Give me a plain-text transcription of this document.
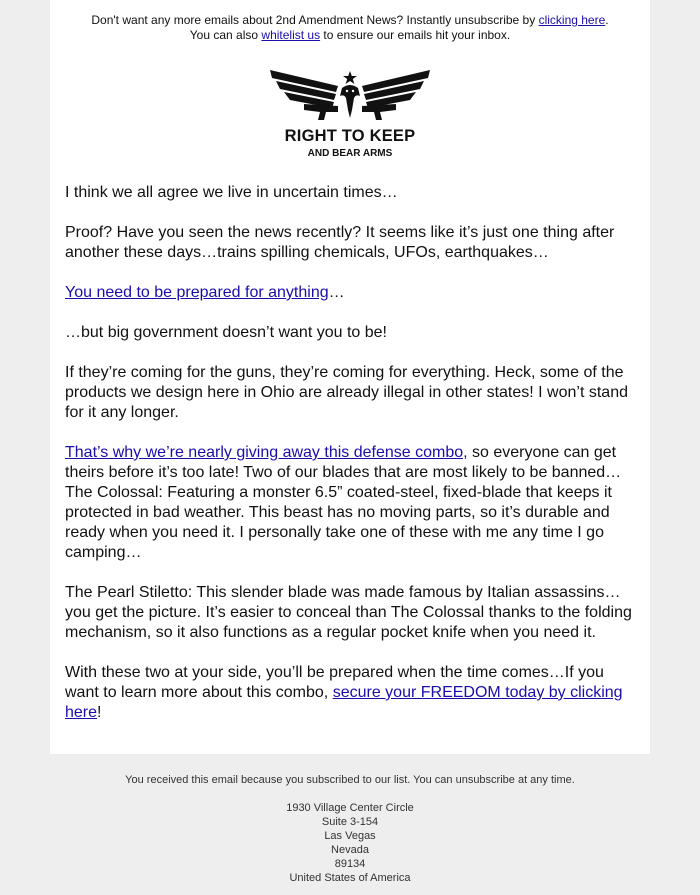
Don't want any more emails about 2nd Amendment News? Instantly unsubscribe by clicking here.
You can also whitelist us to ensure our emails hit your inbox.
RIGHT TO KEEP
AND BEAR ARMS

I think we all agree we live in uncertain times…

Proof? Have you seen the news recently? It seems like it’s just one thing after another these days…trains spilling chemicals, UFOs, earthquakes…

You need to be prepared for anything…

…but big government doesn’t want you to be!

If they’re coming for the guns, they’re coming for everything. Heck, some of the products we design here in Ohio are already illegal in other states! I won’t stand for it any longer.

That’s why we’re nearly giving away this defense combo, so everyone can get theirs before it’s too late! Two of our blades that are most likely to be banned… The Colossal: Featuring a monster 6.5” coated-steel, fixed-blade that keeps it protected in bad weather. This beast has no moving parts, so it’s durable and ready when you need it. I personally take one of these with me any time I go camping…

The Pearl Stiletto: This slender blade was made famous by Italian assassins… you get the picture. It’s easier to conceal than The Colossal thanks to the folding mechanism, so it also functions as a regular pocket knife when you need it.

With these two at your side, you’ll be prepared when the time comes…If you want to learn more about this combo, secure your FREEDOM today by clicking here!

You received this email because you subscribed to our list. You can unsubscribe at any time.
1930 Village Center Circle
Suite 3-154
Las Vegas
Nevada
89134
United States of America
